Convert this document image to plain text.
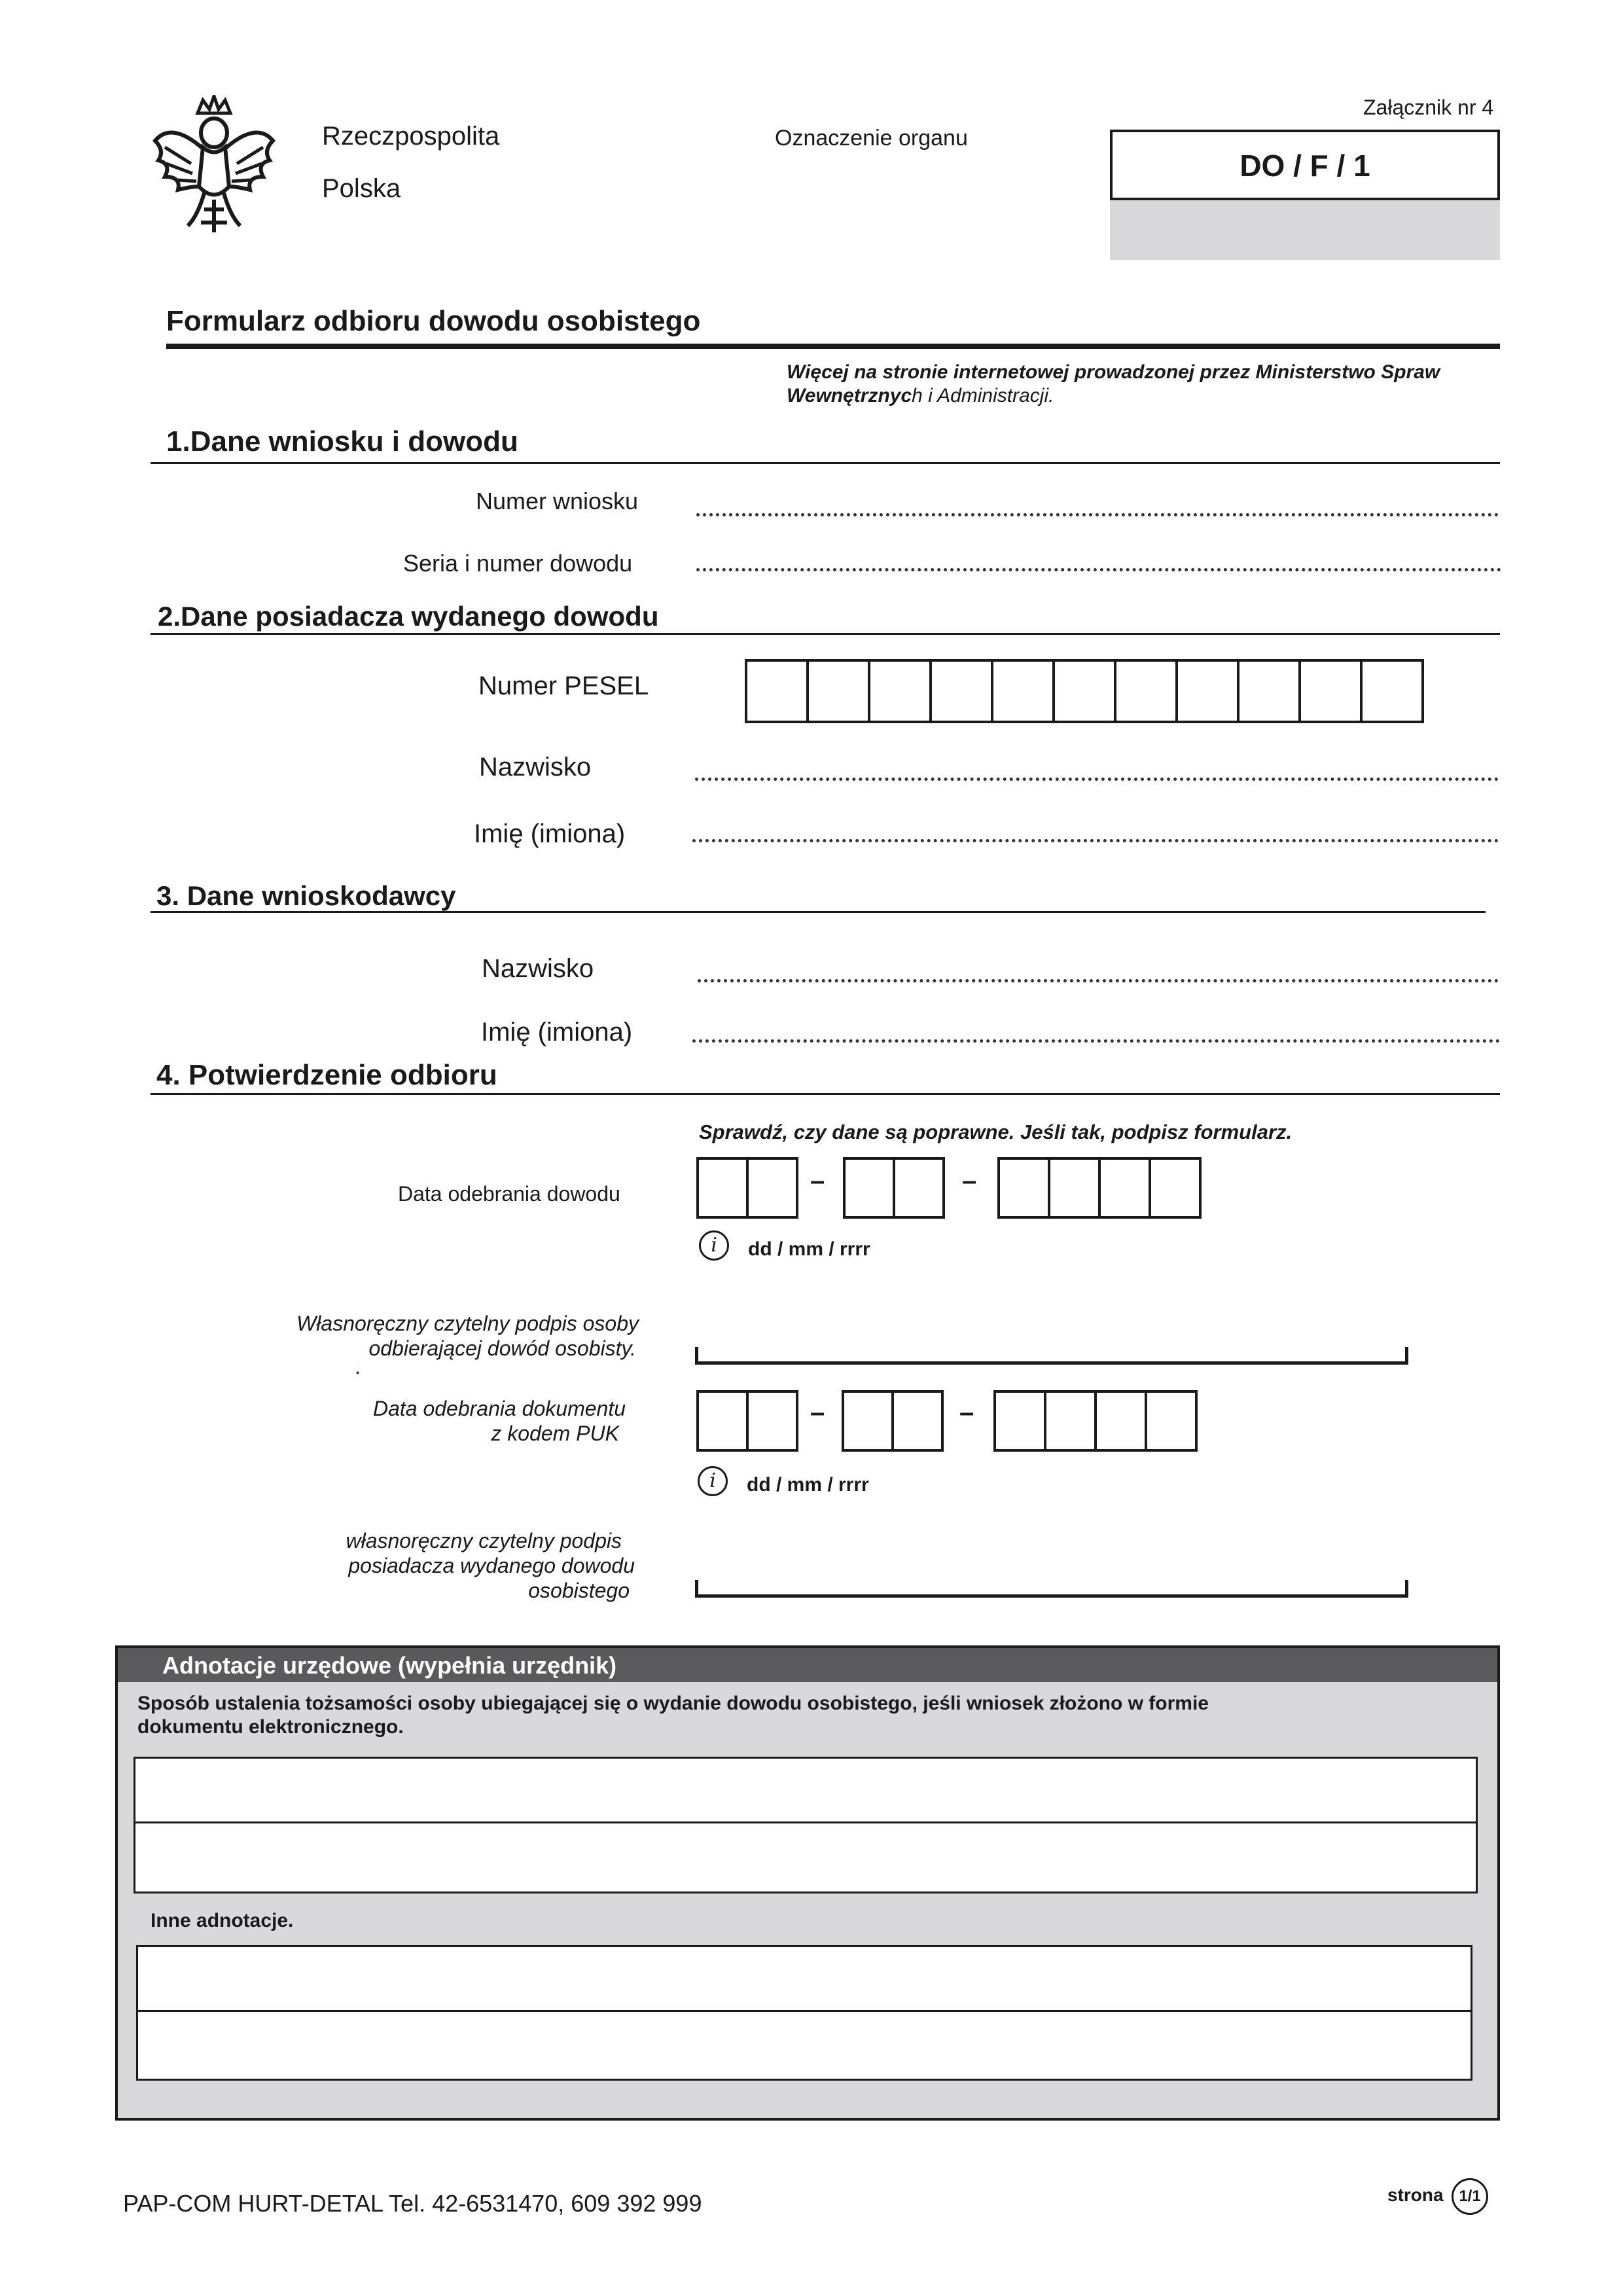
Rzeczpospolita
Polska
Oznaczenie organu
Załącznik nr 4
DO / F / 1
Formularz odbioru dowodu osobistego
Więcej na stronie internetowej prowadzonej przez Ministerstwo Spraw
Wewnętrznych i Administracji.
1.Dane wniosku i dowodu
Numer wniosku
Seria i numer dowodu
2.Dane posiadacza wydanego dowodu
Numer PESEL
Nazwisko
Imię (imiona)
3. Dane wnioskodawcy
Nazwisko
Imię (imiona)
4. Potwierdzenie odbioru
Sprawdź, czy dane są poprawne. Jeśli tak, podpisz formularz.
Data odebrania dowodu	–	–
i	dd / mm / rrrr
Własnoręczny czytelny podpis osoby
odbierającej dowód osobisty.
.
Data odebrania dokumentu
z kodem PUK
–	–
i	dd / mm / rrrr
własnoręczny czytelny podpis
posiadacza wydanego dowodu
osobistego
Adnotacje urzędowe (wypełnia urzędnik)
Sposób ustalenia tożsamości osoby ubiegającej się o wydanie dowodu osobistego, jeśli wniosek złożono w formie
dokumentu elektronicznego.
Inne adnotacje.
PAP-COM HURT-DETAL Tel. 42-6531470, 609 392 999	strona 1/1
